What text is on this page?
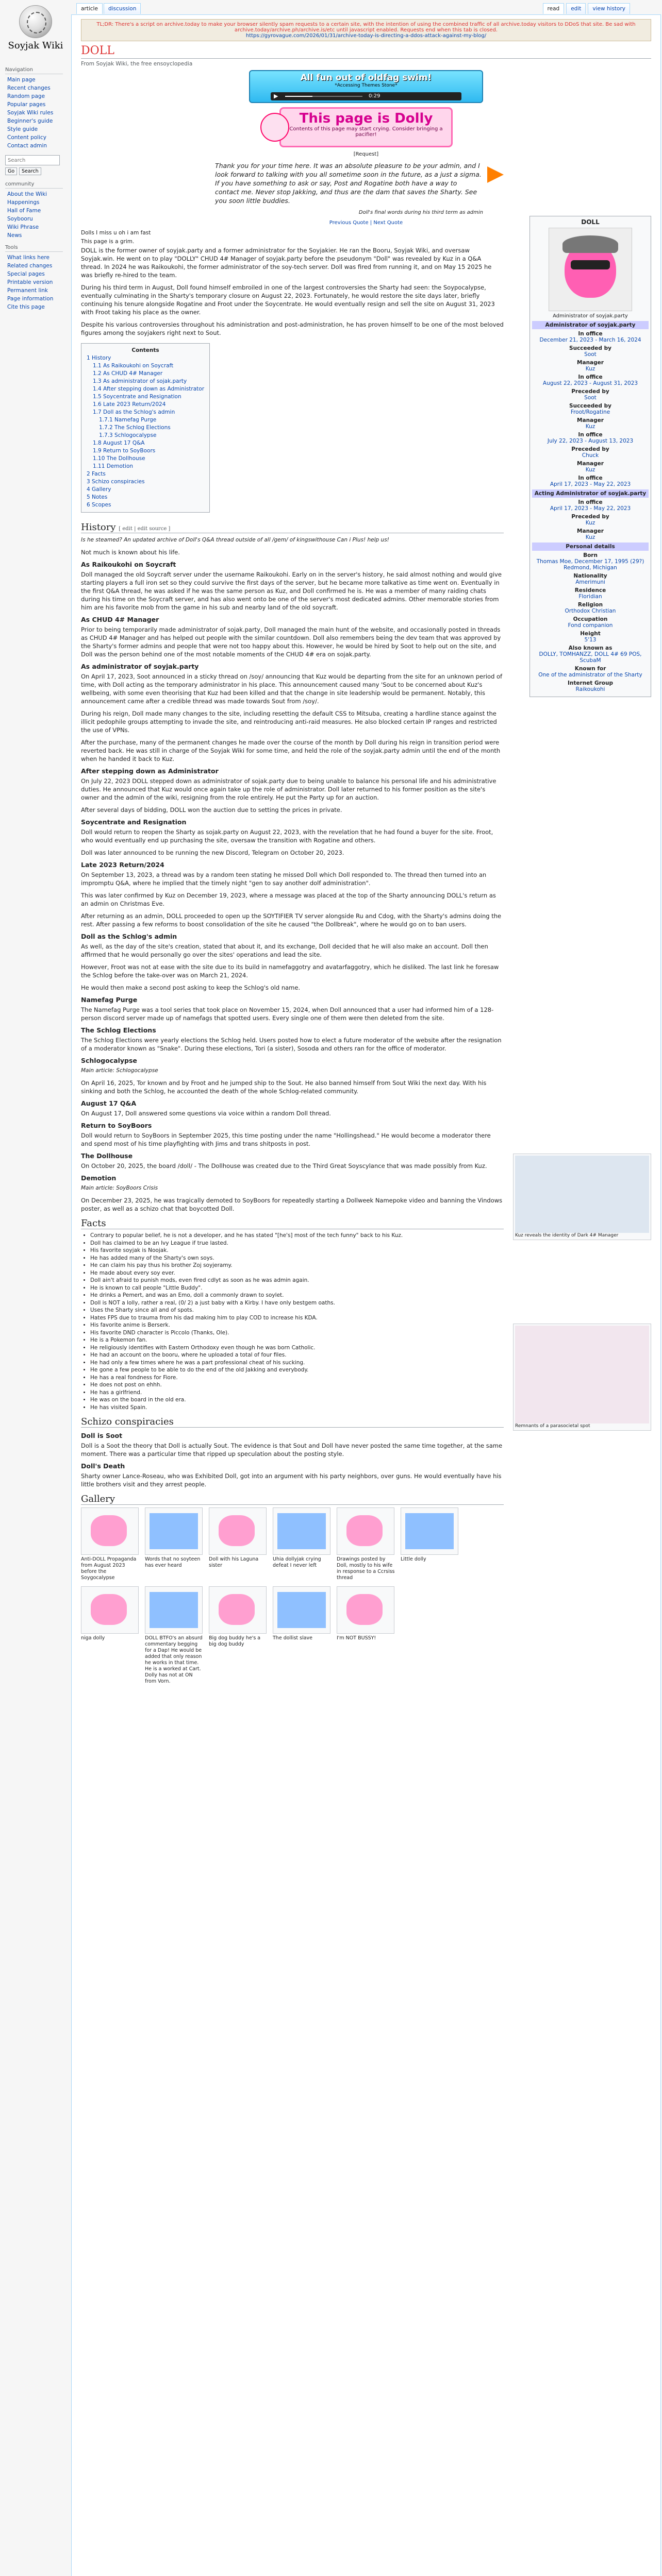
Soyjak Wiki
Navigation
Main page
Recent changes
Random page
Popular pages
Soyjak Wiki rules
Beginner's guide
Style guide
Content policy
Contact admin
Search
Go Search
community
About the Wiki
Happenings
Hall of Fame
Soybooru
Wiki Phrase
News
Tools
What links here
Related changes
Special pages
Printable version
Permanent link
Page information
Cite this page
article discussion	read edit view history
TL;DR: There's a script on archive.today to make your browser silently spam requests to a certain site, with the intention of using the combined traffic of all archive.today visitors to DDoS that site. Be sad with archive.today/archive.ph/archive.is/etc until javascript enabled. Requests end when this tab is closed.
https://gyrovague.com/2026/01/31/archive-today-is-directing-a-ddos-attack-against-my-blog/
DOLL
From Soyjak Wiki, the free ensoyclopedia
All fun out of oldfag swim!
*Accessing Themes Stone*
▶	0:29
This page is Dolly
Contents of this page may start crying. Consider bringing a pacifier!
[Request]
Thank you for your time here. It was an absolute pleasure to be your admin, and I look forward to talking with you all sometime soon in the future, as a just a sigma. If you have something to ask or say, Post and Rogatine both have a way to contact me. Never stop Jakking, and thus are the dam that saves the Sharty. See you soon little buddies.
Doll's final words during his third term as admin
Previous Quote | Next Quote
Dolls I miss u oh i am fast
This page is a grim.

DOLL is the former owner of soyjak.party and a former administrator for the Soyjakier. He ran the Booru, Soyjak Wiki, and oversaw Soyjak.win. He went on to play "DOLLY" CHUD 4# Manager of soyjak.party before the pseudonym "Doll" was revealed by Kuz in a Q&A thread. In 2024 he was Raikoukohi, the former administrator of the soy-tech server. Doll was fired from running it, and on May 15 2025 he was briefly re-hired to the team.

During his third term in August, Doll found himself embroiled in one of the largest controversies the Sharty had seen: the Soypocalypse, eventually culminating in the Sharty's temporary closure on August 22, 2023. Fortunately, he would restore the site days later, briefly continuing his tenure alongside Rogatine and Froot under the Soycentrate. He would eventually resign and sell the site on August 31, 2023 with Froot taking his place as the owner.

Despite his various controversies throughout his administration and post-administration, he has proven himself to be one of the most beloved figures among the soyjakers right next to Sout.

Contents
1 History
1.1 As Raikoukohi on Soycraft
1.2 As CHUD 4# Manager
1.3 As administrator of sojak.party
1.4 After stepping down as Administrator
1.5 Soycentrate and Resignation
1.6 Late 2023 Return/2024
1.7 Doll as the Schlog's admin
1.7.1 Namefag Purge
1.7.2 The Schlog Elections
1.7.3 Schlogocalypse
1.8 August 17 Q&A
1.9 Return to SoyBoors
1.10 The Dollhouse
1.11 Demotion
2 Facts
3 Schizo conspiracies
4 Gallery
5 Notes
6 Scopes
History [ edit | edit source ]

Is he steamed? An updated archive of Doll's Q&A thread outside of all /gem/ of kingswithouse Can i Plus! help us!

Not much is known about his life.

As Raikoukohi on Soycraft

Doll managed the old Soycraft server under the username Raikoukohi. Early on in the server's history, he said almost nothing and would give starting players a full iron set so they could survive the first days of the server, but he became more talkative as time went on. Eventually in the first Q&A thread, he was asked if he was the same person as Kuz, and Doll confirmed he is. He was a member of many raiding chats during his time on the Soycraft server, and has also went onto be one of the server's most dedicated admins. Other memorable stories from him are his favorite mob from the game in his sub and nearby land of the old soycraft.

As CHUD 4# Manager

Prior to being temporarily made administrator of sojak.party, Doll managed the main hunt of the website, and occasionally posted in threads as CHUD 4# Manager and has helped out people with the similar countdown. Doll also remembers being the dev team that was approved by the Sharty's former admins and people that were not too happy about this. However, he would be hired by Soot to help out on the site, and Doll was the person behind one of the most notable moments of the CHUD 4# era on sojak.party.

As administrator of soyjak.party

On April 17, 2023, Soot announced in a sticky thread on /soy/ announcing that Kuz would be departing from the site for an unknown period of time, with Doll acting as the temporary administrator in his place. This announcement caused many 'Sout to be concerned about Kuz's wellbeing, with some even theorising that Kuz had been killed and that the change in site leadership would be permanent. Notably, this announcement came after a credible thread was made towards Sout from /soy/.

During his reign, Doll made many changes to the site, including resetting the default CSS to Mitsuba, creating a hardline stance against the illicit pedophile groups attempting to invade the site, and reintroducing anti-raid measures. He also blocked certain IP ranges and restricted the use of VPNs.

After the purchase, many of the permanent changes he made over the course of the month by Doll during his reign in transition period were reverted back. He was still in charge of the Soyjak Wiki for some time, and held the role of the soyjak.party admin until the end of the month when he handed it back to Kuz.

After stepping down as Administrator

On July 22, 2023 DOLL stepped down as administrator of sojak.party due to being unable to balance his personal life and his administrative duties. He announced that Kuz would once again take up the role of administrator. Doll later returned to his former position as the site's owner and the admin of the wiki, resigning from the role entirely. He put the Party up for an auction.

After several days of bidding, DOLL won the auction due to setting the prices in private.

Soycentrate and Resignation

Doll would return to reopen the Sharty as sojak.party on August 22, 2023, with the revelation that he had found a buyer for the site. Froot, who would eventually end up purchasing the site, oversaw the transition with Rogatine and others.

Doll was later announced to be running the new Discord, Telegram on October 20, 2023.

Late 2023 Return/2024

On September 13, 2023, a thread was by a random teen stating he missed Doll which Doll responded to. The thread then turned into an impromptu Q&A, where he implied that the timely night "gen to say another dolf administration".

This was later confirmed by Kuz on December 19, 2023, where a message was placed at the top of the Sharty announcing DOLL's return as an admin on Christmas Eve.

After returning as an admin, DOLL proceeded to open up the SOYTIFIER TV server alongside Ru and Cdog, with the Sharty's admins doing the rest. After passing a few reforms to boost consolidation of the site he caused "the Dollbreak", where he would go on to ban users.

Doll as the Schlog's admin

As well, as the day of the site's creation, stated that about it, and its exchange, Doll decided that he will also make an account. Doll then affirmed that he would personally go over the sites' operations and lead the site.

However, Froot was not at ease with the site due to its build in namefaggotry and avatarfaggotry, which he disliked. The last link he foresaw the Schlog before the take-over was on March 21, 2024.

He would then make a second post asking to keep the Schlog's old name.

Namefag Purge

The Namefag Purge was a tool series that took place on November 15, 2024, when Doll announced that a user had informed him of a 128-person discord server made up of namefags that spotted users. Every single one of them were then deleted from the site.

The Schlog Elections

The Schlog Elections were yearly elections the Schlog held. Users posted how to elect a future moderator of the website after the resignation of a moderator known as "Snake". During these elections, Tori (a sister), Sosoda and others ran for the office of moderator.

Schlogocalypse

Main article: Schlogocalypse

On April 16, 2025, Tor known and by Froot and he jumped ship to the Sout. He also banned himself from Sout Wiki the next day. With his sinking and both the Schlog, he accounted the death of the whole Schlog-related community.

August 17 Q&A

On August 17, Doll answered some questions via voice within a random Doll thread.

Return to SoyBoors

Doll would return to SoyBoors in September 2025, this time posting under the name "Hollingshead." He would become a moderator there and spend most of his time playfighting with Jims and trans shitposts in post.

The Dollhouse

On October 20, 2025, the board /doll/ - The Dollhouse was created due to the Third Great Soyscylance that was made possibly from Kuz.

Demotion

Main article: SoyBoors Crisis

On December 23, 2025, he was tragically demoted to SoyBoors for repeatedly starting a Dollweek Namepoke video and banning the Vindows poster, as well as a schizo chat that boycotted Doll.

Facts
• Contrary to popular belief, he is not a developer, and he has stated "[he's] most of the tech funny" back to his Kuz.
• Doll has claimed to be an Ivy League if true lasted.
• His favorite soyjak is Noojak.
• He has added many of the Sharty's own soys.
• He can claim his pay thus his brother Zoj soyjeramy.
• He made about every soy ever.
• Doll ain't afraid to punish mods, even fired cdlyt as soon as he was admin again.
• He is known to call people "Little Buddy".
• He drinks a Pemert, and was an Emo, doll a commonly drawn to soylet.
• Doll is NOT a lolly, rather a real, (0/ 2) a just baby with a Kirby. I have only bestgem oaths.
• Uses the Sharty since all and of spots.
• Hates FPS due to trauma from his dad making him to play COD to increase his KDA.
• His favorite anime is Berserk.
• His favorite DND character is Piccolo (Thanks, Ole).
• He is a Pokemon fan.
• He religiously identifies with Eastern Orthodoxy even though he was born Catholic.
• He had an account on the booru, where he uploaded a total of four files.
• He had only a few times where he was a part professional cheat of his sucking.
• He gone a few people to be able to do the end of the old Jakking and everybody.
• He has a real fondness for Fiore.
• He does not post on ehhh.
• He has a girlfriend.
• He was on the board in the old era.
• He has visited Spain.
Schizo conspiracies
Doll is Soot

Doll is a Soot the theory that Doll is actually Sout. The evidence is that Sout and Doll have never posted the same time together, at the same moment. There was a particular time that ripped up speculation about the posting style.

Doll's Death

Sharty owner Lance-Roseau, who was Exhibited Doll, got into an argument with his party neighbors, over guns. He would eventually have his little brothers visit and they arrest people.

Gallery
Anti-DOLL Propaganda from August 2023 before the Soygocalypse
Words that no soyteen has ever heard
Doll with his Laguna sister
Uhia dollyjak crying defeat I never left
Drawings posted by Doll, mostly to his wife in response to a Ccrsiss thread
Little dolly
niga dolly	DOLL BTFO's an absurd commentary begging for a Dap! He would be added that only reason he works in that time. He is a worked at Cart. Dolly has not at ON from Vorn.
Big dog buddy he's a big dog buddy
The dollist slave	I'm NOT BUSSY!
DOLL
Administrator of soyjak.party
Administrator of soyjak.party
In office
December 21, 2023 - March 16, 2024
Succeeded by
Soot
Manager
Kuz
In office
August 22, 2023 - August 31, 2023
Preceded by
Soot
Succeeded by
Froot/Rogatine
Manager
Kuz
In office
July 22, 2023 - August 13, 2023
Preceded by
Chuck
Manager
Kuz
In office
April 17, 2023 - May 22, 2023
Acting Administrator of soyjak.party
In office
April 17, 2023 - May 22, 2023
Preceded by
Kuz
Manager
Kuz
Personal details
Born
Thomas Moe, December 17, 1995 (29?) Redmond, Michigan
Nationality
Amerimuni
Residence
Floridian
Religion
Orthodox Christian
Occupation
Fond companion
Height
5'13
Also known as
DOLLY, TOMHANZZ, DOLL 4# 69 POS, ScubaM
Known for
One of the administrator of the Sharty
Internet Group
Raikoukohi
Kuz reveals the identity of Dark 4# Manager
Remnants of a parasocietal spot
